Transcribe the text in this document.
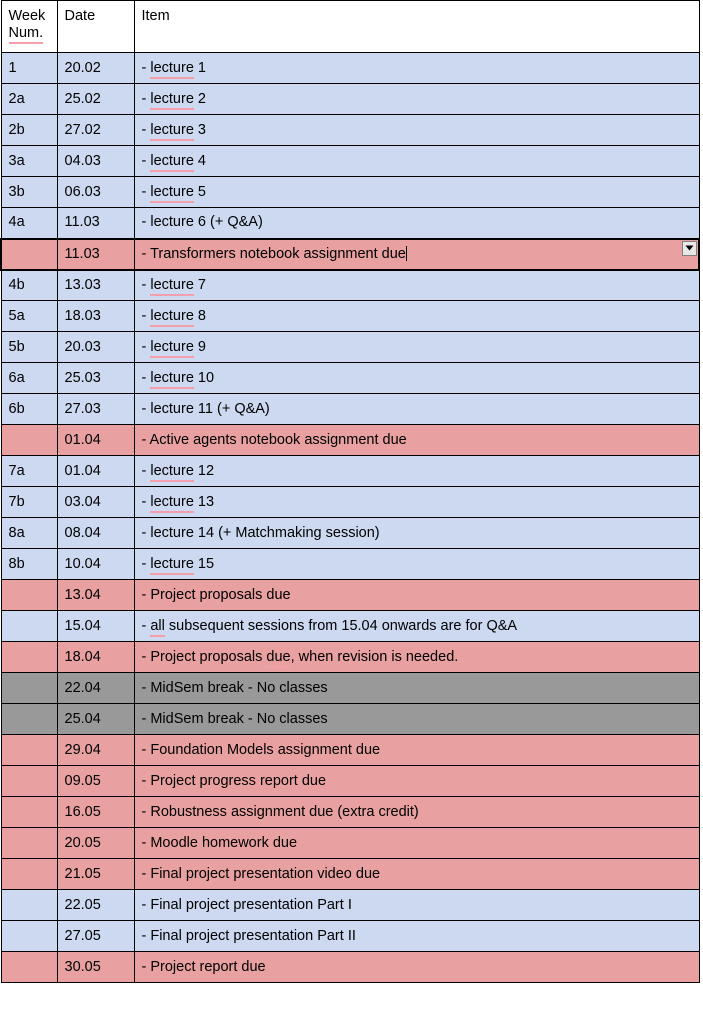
Week
Num.	Date	Item
1	20.02	- lecture 1
2a	25.02	- lecture 2
2b	27.02	- lecture 3
3a	04.03	- lecture 4
3b	06.03	- lecture 5
4a	11.03	- lecture 6 (+ Q&A)
	11.03	- Transformers notebook assignment due

4b	13.03	- lecture 7
5a	18.03	- lecture 8
5b	20.03	- lecture 9
6a	25.03	- lecture 10
6b	27.03	- lecture 11 (+ Q&A)
	01.04	- Active agents notebook assignment due
7a	01.04	- lecture 12
7b	03.04	- lecture 13
8a	08.04	- lecture 14 (+ Matchmaking session)
8b	10.04	- lecture 15
	13.04	- Project proposals due
	15.04	- all subsequent sessions from 15.04 onwards are for Q&A
	18.04	- Project proposals due, when revision is needed.
	22.04	- MidSem break - No classes
	25.04	- MidSem break - No classes
	29.04	- Foundation Models assignment due
	09.05	- Project progress report due
	16.05	- Robustness assignment due (extra credit)
	20.05	- Moodle homework due
	21.05	- Final project presentation video due
	22.05	- Final project presentation Part I
	27.05	- Final project presentation Part II
	30.05	- Project report due
